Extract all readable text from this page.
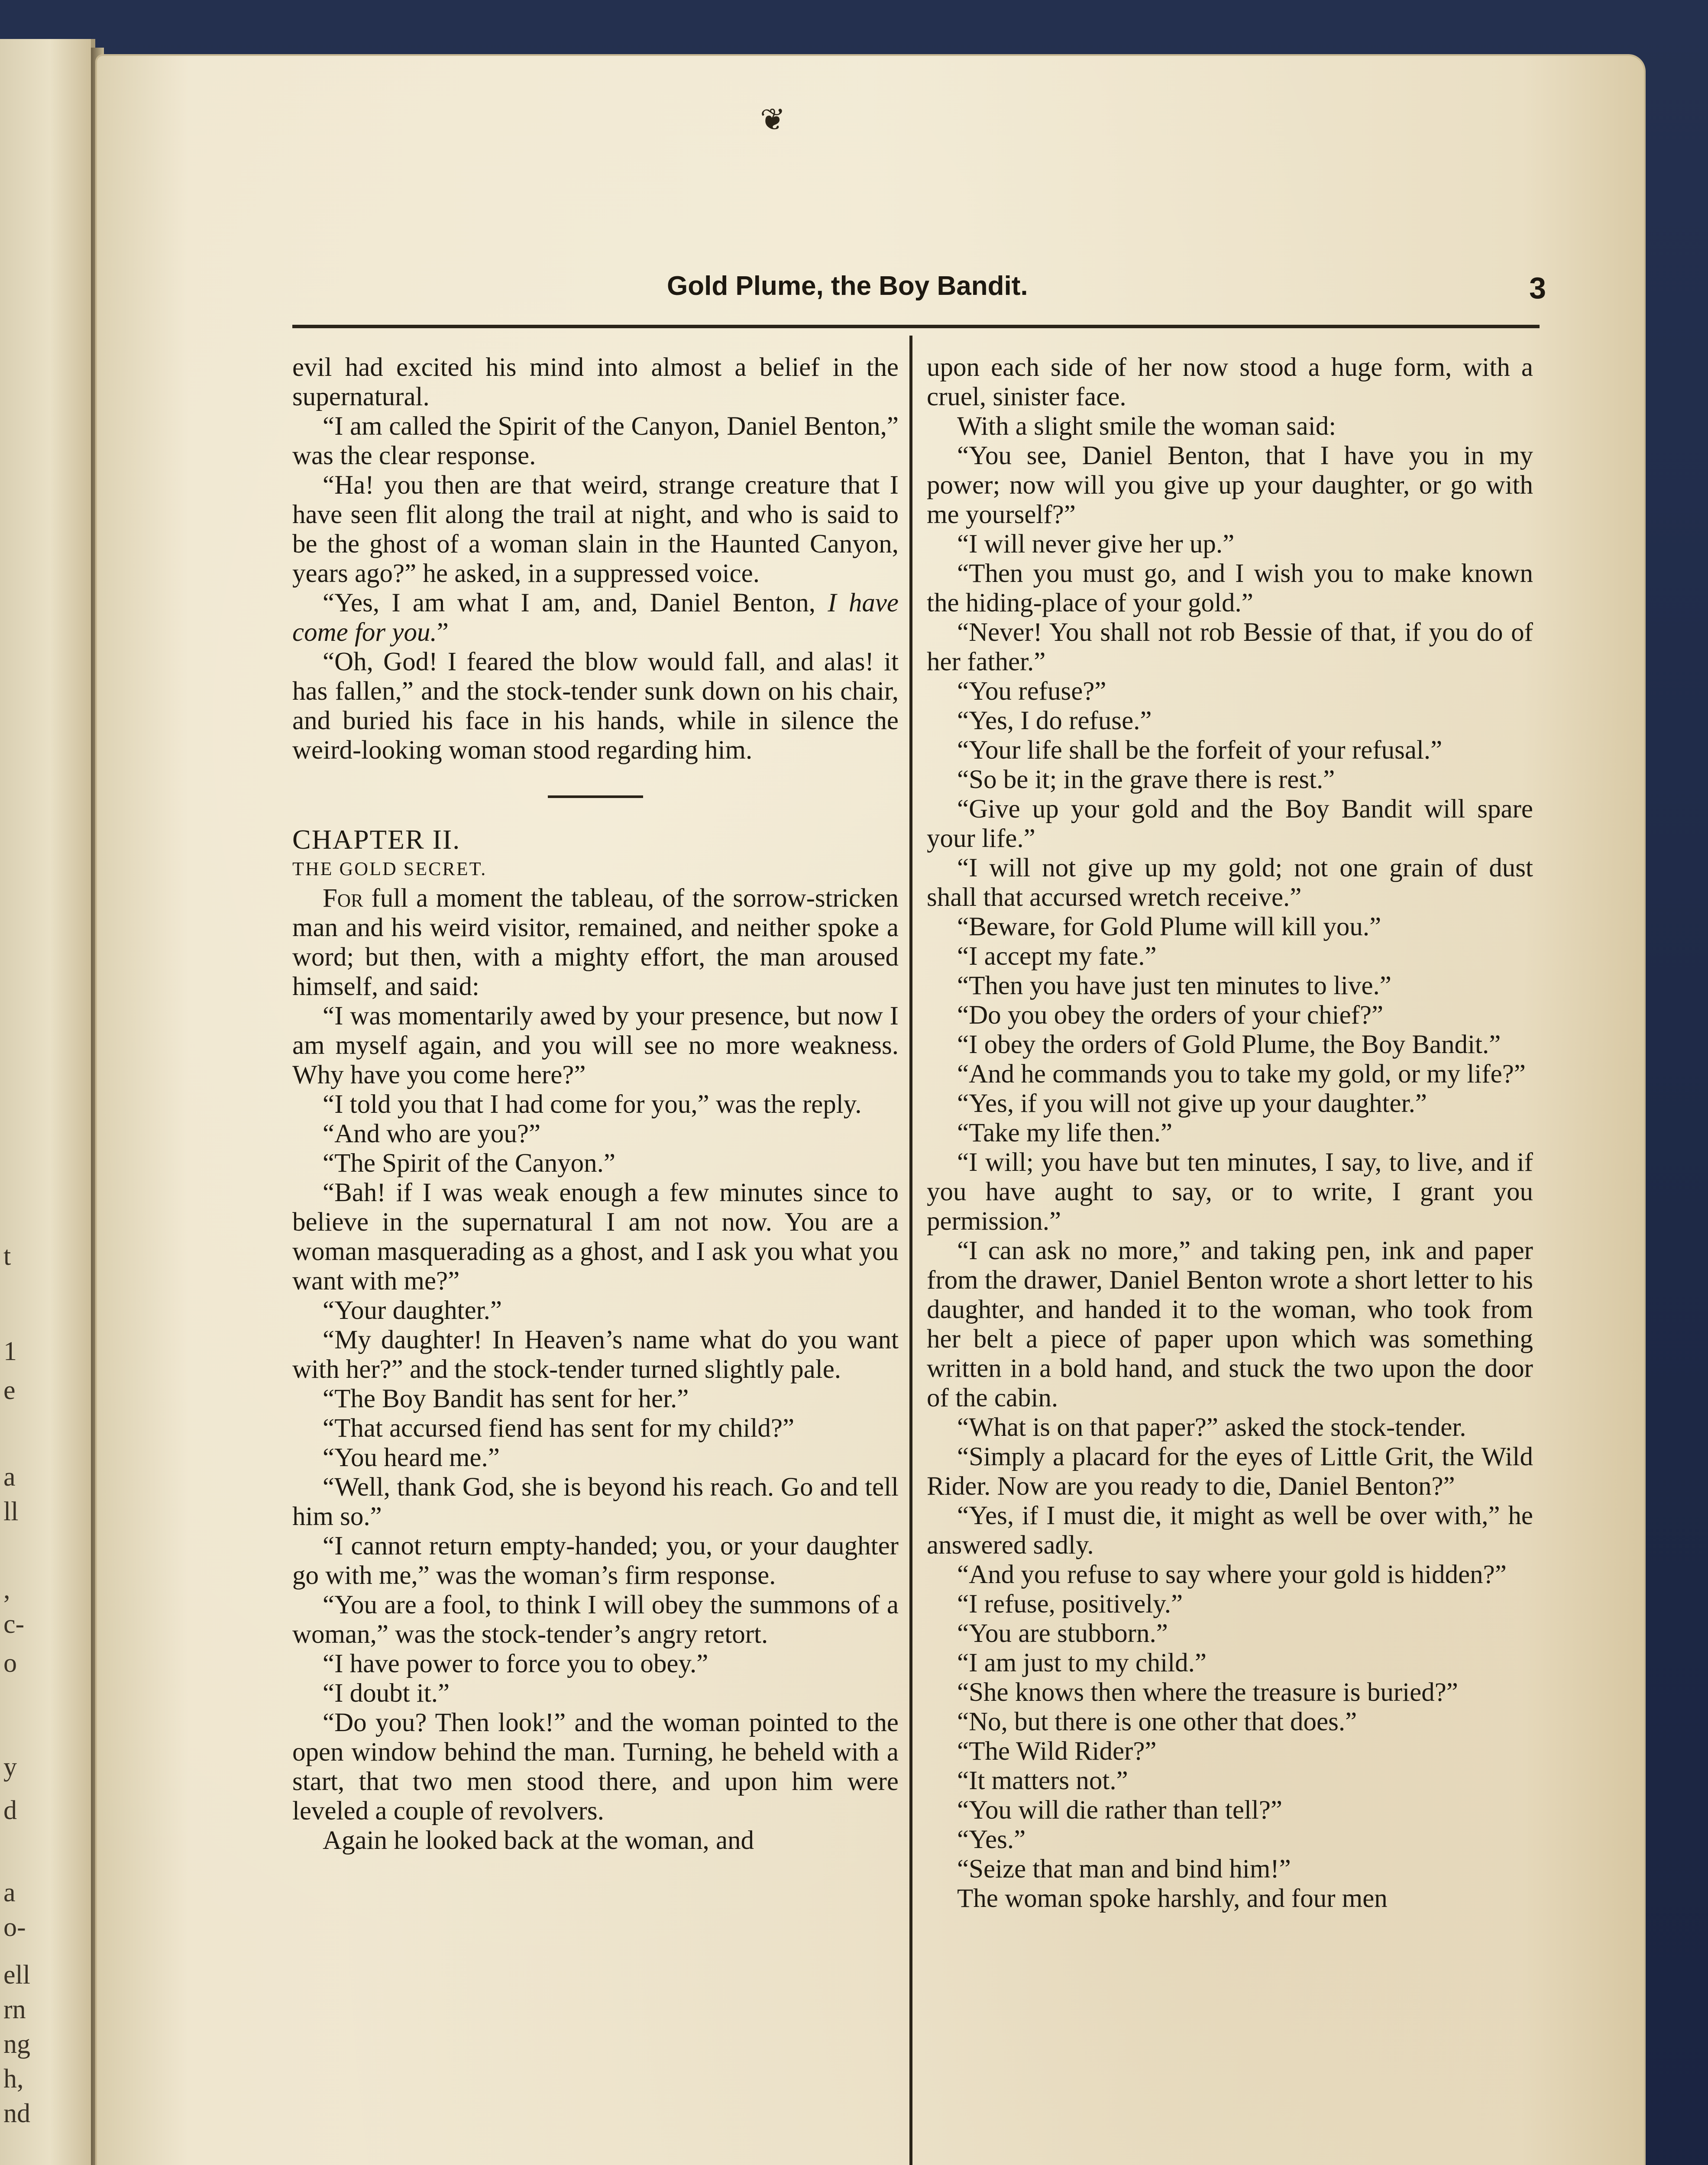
t
1
e
a
ll
,
c-
o
y
d
a
o-
ell
rn
ng
h,
nd
❦
Gold Plume, the Boy Bandit.	3

evil had excited his mind into almost a belief in the supernatural.

“I am called the Spirit of the Canyon, Daniel Benton,” was the clear response.

“Ha! you then are that weird, strange creature that I have seen flit along the trail at night, and who is said to be the ghost of a woman slain in the Haunted Canyon, years ago?” he asked, in a suppressed voice.

“Yes, I am what I am, and, Daniel Benton, I have come for you.”

“Oh, God! I feared the blow would fall, and alas! it has fallen,” and the stock-tender sunk down on his chair, and buried his face in his hands, while in silence the weird-looking woman stood regarding him.

CHAPTER II.

THE GOLD SECRET.

For full a moment the tableau, of the sorrow-stricken man and his weird visitor, remained, and neither spoke a word; but then, with a mighty effort, the man aroused himself, and said:

“I was momentarily awed by your presence, but now I am myself again, and you will see no more weakness. Why have you come here?”

“I told you that I had come for you,” was the reply.

“And who are you?”

“The Spirit of the Canyon.”

“Bah! if I was weak enough a few minutes since to believe in the supernatural I am not now. You are a woman masquerading as a ghost, and I ask you what you want with me?”

“Your daughter.”

“My daughter! In Heaven’s name what do you want with her?” and the stock-tender turned slightly pale.

“The Boy Bandit has sent for her.”

“That accursed fiend has sent for my child?”

“You heard me.”

“Well, thank God, she is beyond his reach. Go and tell him so.”

“I cannot return empty-handed; you, or your daughter go with me,” was the woman’s firm response.

“You are a fool, to think I will obey the summons of a woman,” was the stock-tender’s angry retort.

“I have power to force you to obey.”

“I doubt it.”

“Do you? Then look!” and the woman pointed to the open window behind the man. Turning, he beheld with a start, that two men stood there, and upon him were leveled a couple of revolvers.

Again he looked back at the woman, and

upon each side of her now stood a huge form, with a cruel, sinister face.

With a slight smile the woman said:

“You see, Daniel Benton, that I have you in my power; now will you give up your daughter, or go with me yourself?”

“I will never give her up.”

“Then you must go, and I wish you to make known the hiding-place of your gold.”

“Never! You shall not rob Bessie of that, if you do of her father.”

“You refuse?”

“Yes, I do refuse.”

“Your life shall be the forfeit of your refusal.”

“So be it; in the grave there is rest.”

“Give up your gold and the Boy Bandit will spare your life.”

“I will not give up my gold; not one grain of dust shall that accursed wretch receive.”

“Beware, for Gold Plume will kill you.”

“I accept my fate.”

“Then you have just ten minutes to live.”

“Do you obey the orders of your chief?”

“I obey the orders of Gold Plume, the Boy Bandit.”

“And he commands you to take my gold, or my life?”

“Yes, if you will not give up your daughter.”

“Take my life then.”

“I will; you have but ten minutes, I say, to live, and if you have aught to say, or to write, I grant you permission.”

“I can ask no more,” and taking pen, ink and paper from the drawer, Daniel Benton wrote a short letter to his daughter, and handed it to the woman, who took from her belt a piece of paper upon which was something written in a bold hand, and stuck the two upon the door of the cabin.

“What is on that paper?” asked the stock-tender.

“Simply a placard for the eyes of Little Grit, the Wild Rider. Now are you ready to die, Daniel Benton?”

“Yes, if I must die, it might as well be over with,” he answered sadly.

“And you refuse to say where your gold is hidden?”

“I refuse, positively.”

“You are stubborn.”

“I am just to my child.”

“She knows then where the treasure is buried?”

“No, but there is one other that does.”

“The Wild Rider?”

“It matters not.”

“You will die rather than tell?”

“Yes.”

“Seize that man and bind him!”

The woman spoke harshly, and four men
